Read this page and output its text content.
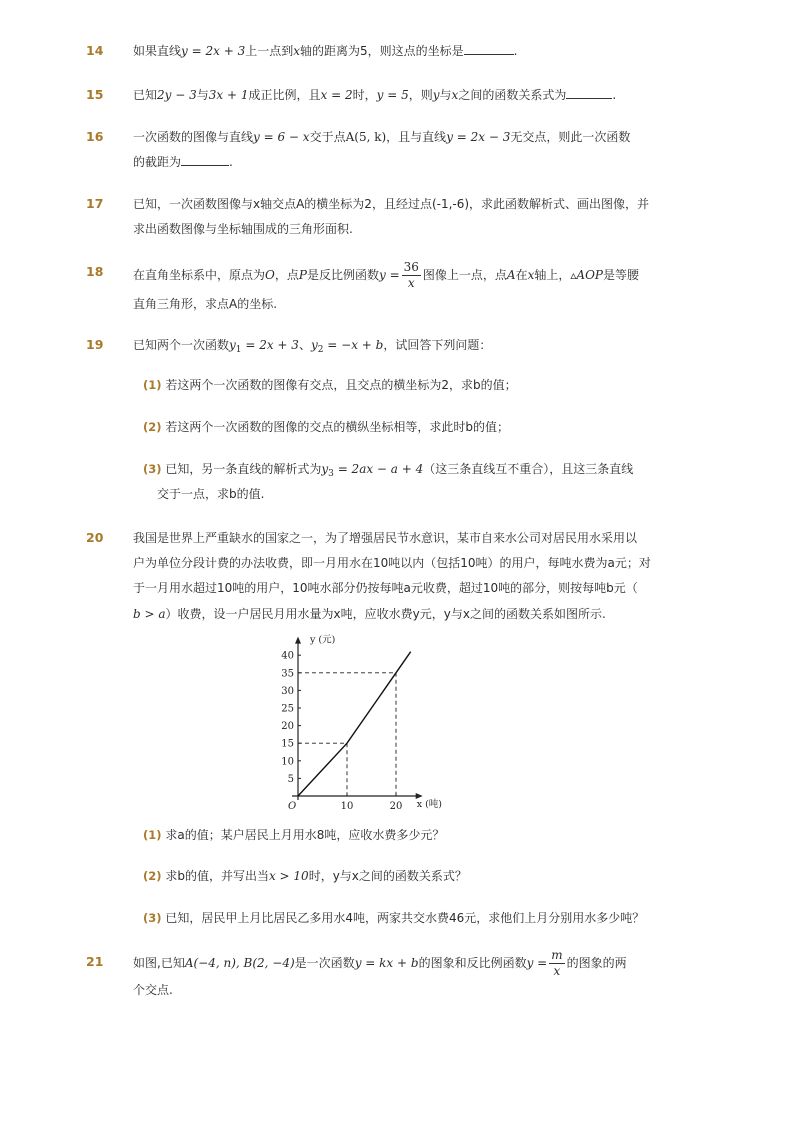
14 如果直线y = 2x + 3上一点到x轴的距离为5，则这点的坐标是	.
15 已知2y − 3与3x + 1成正比例，且x = 2时，y = 5，则y与x之间的函数关系式为	.
16 一次函数的图像与直线y = 6 − x交于点A(5, k)，且与直线y = 2x − 3无交点，则此一次函数
的截距为	.
17 已知，一次函数图像与x轴交点A的横坐标为2，且经过点(-1,-6)，求此函数解析式、画出图像，并
求出函数图像与坐标轴围成的三角形面积.
18 在直角坐标系中，原点为O，点P是反比例函数$y = \frac{36}{x}$ 图像上一点，点A在x轴上，▵AOP是等腰
直角三角形，求点A的坐标.
19 已知两个一次函数$y_1 = 2x + 3$、$y_2 = -x + b$，试回答下列问题：
(1) 若这两个一次函数的图像有交点，且交点的横坐标为2，求b的值；
(2) 若这两个一次函数的图像的交点的横纵坐标相等，求此时b的值；
(3) 已知，另一条直线的解析式为$y_3 = 2ax - a + 4$（这三条直线互不重合），且这三条直线
交于一点，求b的值.
20 我国是世界上严重缺水的国家之一，为了增强居民节水意识，某市自来水公司对居民用水采用以
户为单位分段计费的办法收费，即一月用水在10吨以内（包括10吨）的用户，每吨水费为a元；对
于一月用水超过10吨的用户，10吨水部分仍按每吨a元收费，超过10吨的部分，则按每吨b元（
b > a）收费，设一户居民月用水量为x吨，应收水费y元，y与x之间的函数关系如图所示.
(1) 求a的值；某户居民上月用水8吨，应收水费多少元？
(2) 求b的值，并写出当x > 10时，y与x之间的函数关系式？
(3) 已知，居民甲上月比居民乙多用水4吨，两家共交水费46元，求他们上月分别用水多少吨？
5
10
15
20
25
30
35
40
10	20
O
y (元)
x (吨)
21 如图,已知A(−4, n), B(2, −4)是一次函数y = kx + b的图象和反比例函数$y = \frac{m}{x}$ 的图象的两
个交点.
